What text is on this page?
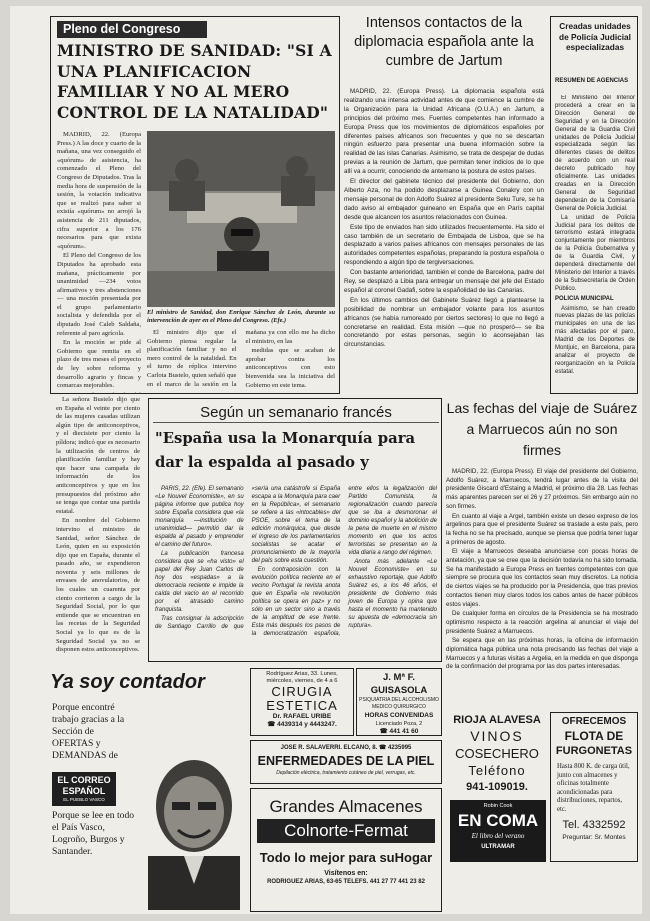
Pleno del Congreso
MINISTRO DE SANIDAD: "SI A UNA PLANIFICACION FAMILIAR Y NO AL MERO CONTROL DE LA NATALIDAD"

MADRID, 22. (Europa Press.) A las doce y cuarto de la mañana, una vez conseguido el «quórum» de asistencia, ha comenzado el Pleno del Congreso de Diputados. Tras la media hora de suspensión de la sesión, la votación indicativa que se realizó para saber si existía «quórum» no arrojó la asistencia de 211 diputados, cifra superior a los 176 necesarios para que exista «quórum».

El Pleno del Congreso de los Diputados ha aprobado esta mañana, prácticamente por unanimidad —234 votos afirmativos y tres abstenciones— una moción presentada por el grupo parlamentario socialista y defendida por el diputado José Caleb Saldaña, referente al paro agrícola.

En la moción se pide al Gobierno que remita en el plazo de tres meses el proyecto de ley sobre reforma y desarrollo agrario y fincas y comarcas mejorables.

El ministro de Sanidad, don Enrique Sánchez de León, durante su intervención de ayer en el Pleno del Congreso. (Efe.)

El ministro dijo que el Gobierno piensa regular la planificación familiar y no el mero control de la natalidad. En el turno de réplica intervino Carlota Bustelo, quien señaló que en el marco de la sesión en la mañana ya con ello me ha dicho el ministro, en las

medidas que se acaban de aprobar contra los anticonceptivos con esto bienvenida sea la iniciativa del Gobierno en este tema.

La señora Bustelo dijo que en España el veinte por ciento de las mujeres casadas utilizan algún tipo de anticonceptivos, y el diecisiete por ciento la píldora; indicó que es necesario la utilización de centros de planificación familiar y hay que hacer una campaña de información de los anticonceptivos y que en los presupuestos del próximo año se tenga que contar una partida estatal.

En nombre del Gobierno intervino el ministro de Sanidad, señor Sánchez de León, quien en su exposición dijo que en España, durante el pasado año, se expendieron noventa y seis millones de envases de anovulatorios, de los cuales un cuarenta por ciento corrieron a cargo de la Seguridad Social, por lo que entiende que se encuentran en las recetas de la Seguridad Social ya lo que es de la Seguridad Social ya no se disponen estos anticonceptivos.

Intensos contactos de la diplomacia española ante la cumbre de Jartum

MADRID, 22. (Europa Press). La diplomacia española está realizando una intensa actividad antes de que comience la cumbre de la Organización para la Unidad Africana (O.U.A.) en Jartum, a principios del próximo mes. Fuentes competentes han informado a Europa Press que los movimientos de diplomáticos españoles por diferentes países africanos son frecuentes y que no se descartan ningún esfuerzo para presentar una buena información sobre la realidad de las islas Canarias. Asimismo, se trata de despejar de dudas previas a la reunión de Jartum, que permitan tener indicios de lo que allí va a ocurrir, conociendo de antemano la postura de estos países.

El director del gabinete técnico del presidente del Gobierno, don Alberto Aza, no ha podido desplazarse a Guinea Conakry con un mensaje personal de don Adolfo Suárez al presidente Seku Ture, se ha dado aviso al embajador guineano en España que en París capital desde que alcancen los asuntos relacionados con Guinea.

Este tipo de enviados han sido utilizados frecuentemente. Ha sido el caso también de un secretario de Embajada de Lisboa, que se ha desplazado a varios países africanos con mensajes personales de las autoridades competentes españolas, preparando la postura española o respondiendo a algún tipo de tergiversaciones.

Con bastante anterioridad, también el conde de Barcelona, padre del Rey, se desplazó a Libia para entregar un mensaje del jefe del Estado español al coronel Gadafi, sobre la españolidad de las Canarias.

En los últimos cambios del Gabinete Suárez llegó a plantearse la posibilidad de nombrar un embajador volante para los asuntos africanos (se había rumoreado por ciertos sectores) lo que no llegó a concretarse en realidad. Esta misión —que no prosperó— se iba concretando por estas personas, según lo aconsejaban las circunstancias.

Creadas unidades de Policía Judicial especializadas
RESUMEN DE AGENCIAS

El Ministerio del Interior procederá a crear en la Dirección General de Seguridad y en la Dirección General de la Guardia Civil unidades de Policía Judicial especializada según las diferentes clases de delitos de acuerdo con un real decreto publicado hoy oficialmente. Las unidades creadas en la Dirección General de Seguridad dependerán de la Comisaría General de Policía Judicial.

La unidad de Policía Judicial para los delitos de terrorismo estará integrada conjuntamente por miembros de la Policía Gubernativa y de la Guardia Civil, y dependerá directamente del Ministerio del Interior a través de la Subsecretaría de Orden Público.

POLICIA MUNICIPAL

Asimismo, se han creado nuevas plazas de las policías municipales en una de las más afectadas por el paro, Madrid de los Deportes de Montjuic, en Barcelona, para analizar el proyecto de reorganización en la Policía estatal.

Según un semanario francés
"España usa la Monarquía para dar la espalda al pasado y

PARIS, 22. (Efe). El semanario «Le Nouvel Economiste», en su página informe que publica hoy sobre España considera que «la monarquía —institución de unanimidad— permitió dar la espalda al pasado y emprender el camino del futuro».

La publicación francesa considera que se «ha visto» el papel del Rey Juan Carlos de hoy dos «espadas» a la democracia reciente e impide la caída del vacío en el recorrido por el atrasado camino franquista.

Tras consignar la adscripción de Santiago Carrillo de que «sería una catástrofe si España escapa a la Monarquía para caer en la República», el semanario se refiere a las «intocables» del PSOE, sobre el tema de la edición monárquica, que desde el ingreso de los parlamentarios socialistas se acatar el pronunciamiento de la mayoría del país sobre esta cuestión.

En contraposición con la evolución política reciente en el vecino Portugal la revista anota que en España «la revolución política se opera en paz» y no sólo en un sector sino a través de la amplitud de ese frente. Esta más después los pasos de la democratización española, entre ellos la legalización del Partido Comunista, la regionalización cuando parecía que se iba a desmoronar el dominio español y la abolición de la pena de muerte en el mismo momento en que los actos terroristas se presentan en la vida diaria a rango del régimen.

Anota más adelante «Le Nouvel Economiste» en su exhaustivo reportaje, que Adolfo Suárez es, a los 46 años, el presidente de Gobierno más joven de Europa y opina que hasta el momento ha mantenido su apuesta de «democracia sin ruptura».

Las fechas del viaje de Suárez a Marruecos aún no son firmes

MADRID, 22. (Europa Press). El viaje del presidente del Gobierno, Adolfo Suárez, a Marruecos, tendrá lugar antes de la visita del presidente Giscard d'Estaing a Madrid, el próximo día 28. Las fechas más aparentes parecen ser el 26 y 27 próximos. Sin embargo aún no son firmes.

En cuanto al viaje a Argel, también existe un deseo expreso de los argelinos para que el presidente Suárez se traslade a este país, pero la fecha no se ha precisado, aunque se piensa que podría tener lugar a primeros de agosto.

El viaje a Marruecos deseaba anunciarse con pocas horas de antelación, ya que se cree que la decisión todavía no ha sido tomada. Se ha manifestado a Europa Press en fuentes competentes con que siempre se procura que los contactos sean muy discretos. La noticia de ciertos viajes se ha producido por la Presidencia, que tras previos contactos tienen muy claros todos los cabos antes de hacer públicos estos viajes.

De cualquier forma en círculos de la Presidencia se ha mostrado optimismo respecto a la reacción argelina al anunciar el viaje del presidente Suárez a Marruecos.

Se espera que en las próximas horas, la oficina de información diplomática haga pública una nota precisando las fechas del viaje a Marruecos y a futuras visitas a Argelia, en la medida en que disponga de la confirmación del programa por las dos partes interesadas.

Ya soy contador
Porque encontré trabajo gracias a la Sección de OFERTAS y DEMANDAS de
EL CORREO
ESPAÑOL
EL PUEBLO VASCO
Porque se lee en todo el País Vasco, Logroño, Burgos y Santander.
Rodríguez Arias, 33. Lunes, miércoles, viernes, de 4 a 6
CIRUGIA
ESTETICA
Dr. RAFAEL URIBE
☎ 4439314 y 4443247.
J. Mª F. GUISASOLA
PSIQUIATRIA DEL ALCOHOLISMO
MEDICO QUIRURGICO
HORAS CONVENIDAS
Licenciado Poza, 2
☎ 441 41 60
JOSE R. SALAVERRI. ELCANO, 8. ☎ 4235995
ENFERMEDADES DE LA PIEL
Depilación eléctrica, tratamiento cutáneo de piel, verrugas, etc.
Grandes Almacenes
Colnorte-Fermat
Todo lo mejor para suHogar
Visítenos en:
RODRIGUEZ ARIAS, 63-65 TELEFS. 441 27 77 441 23 82
RIOJA ALAVESA
VINOS
COSECHERO
Teléfono
941-109019.
Robin Cook
EN COMA
El libro del verano
ULTRAMAR
OFRECEMOS
FLOTA DE
FURGONETAS
Hasta 800 K. de carga útil, junto con almacenes y oficinas totalmente acondicionadas para distribuciones, repartos, etc.
Tel. 4332592
Preguntar: Sr. Montes
